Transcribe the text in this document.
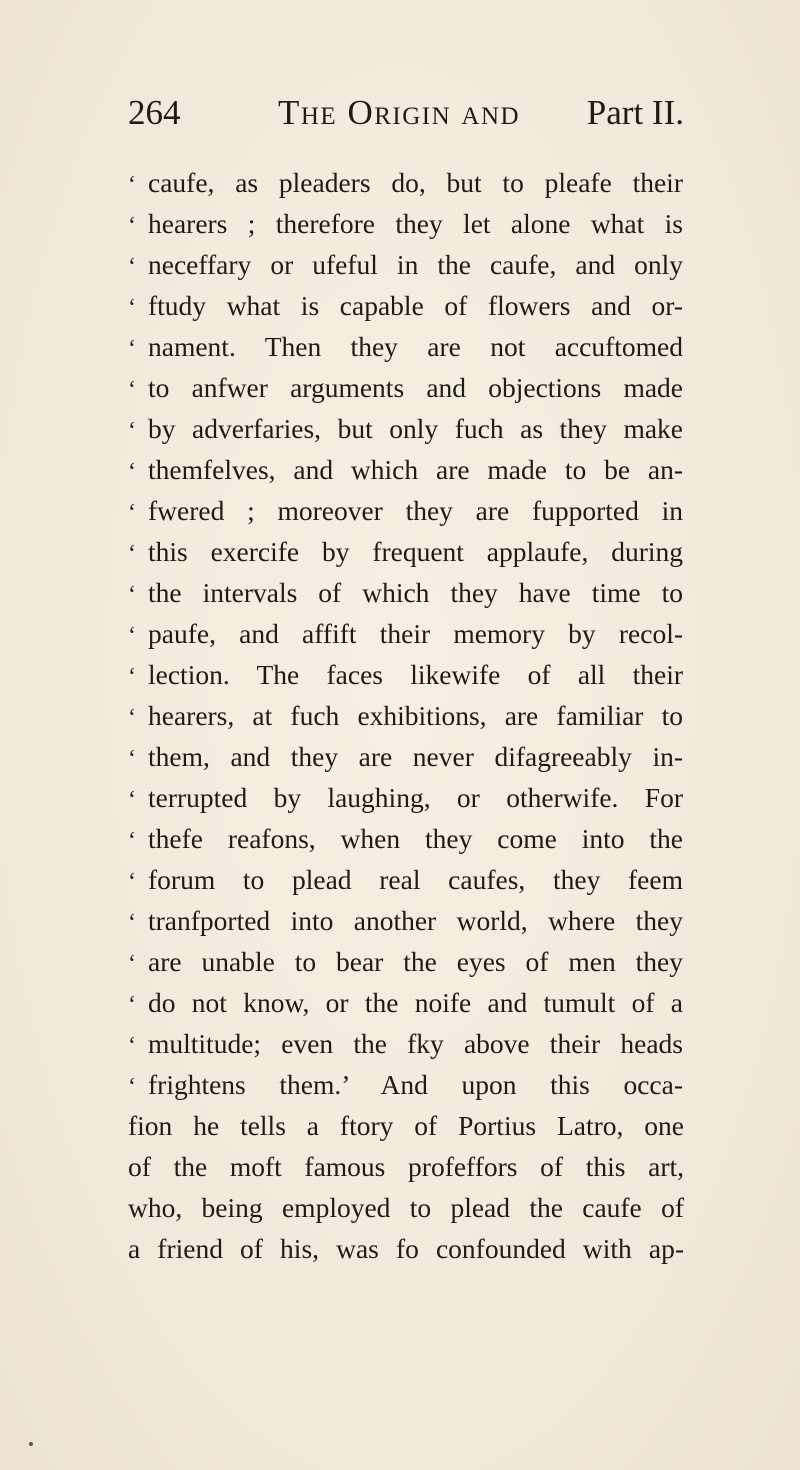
264	The Origin and Part II.
‘ caufe, as pleaders do, but to pleafe their
‘ hearers ; therefore they let alone what is
‘ neceffary or ufeful in the caufe, and only
‘ ftudy what is capable of flowers and or-
‘ nament. Then they are not accuftomed
‘ to anfwer arguments and objections made
‘ by adverfaries, but only fuch as they make
‘ themfelves, and which are made to be an-
‘ fwered ; moreover they are fupported in
‘ this exercife by frequent applaufe, during
‘ the intervals of which they have time to
‘ paufe, and affift their memory by recol-
‘ lection. The faces likewife of all their
‘ hearers, at fuch exhibitions, are familiar to
‘ them, and they are never difagreeably in-
‘ terrupted by laughing, or otherwife. For
‘ thefe reafons, when they come into the
‘ forum to plead real caufes, they feem
‘ tranfported into another world, where they
‘ are unable to bear the eyes of men they
‘ do not know, or the noife and tumult of a
‘ multitude; even the fky above their heads
‘ frightens them.’ And upon this occa-
fion he tells a ftory of Portius Latro, one
of the moft famous profeffors of this art,
who, being employed to plead the caufe of
a friend of his, was fo confounded with ap-
